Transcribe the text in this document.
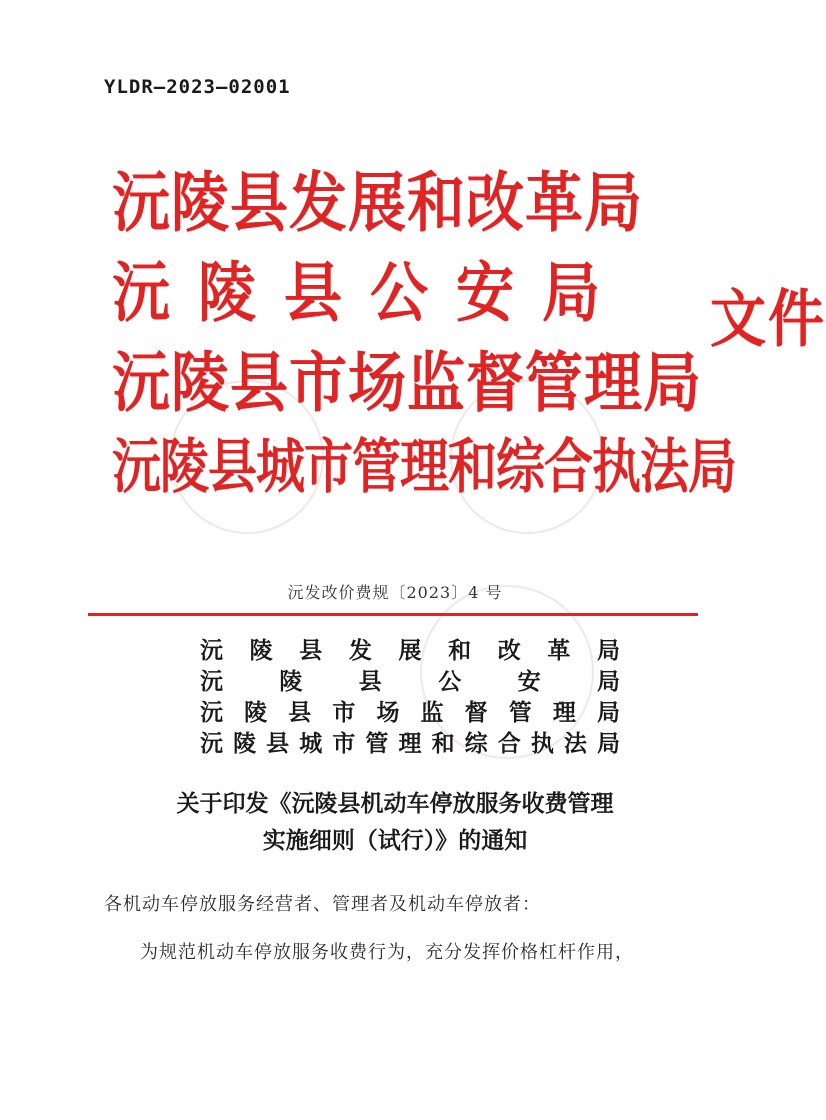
YLDR—2023—02001
沅陵县发展和改革局
沅陵县公安局
沅陵县市场监督管理局
沅陵县城市管理和综合执法局
文件
沅发改价费规〔2023〕4 号
沅陵县发展和改革局
沅陵县公安局
沅陵县市场监督管理局
沅陵县城市管理和综合执法局
关于印发《沅陵县机动车停放服务收费管理
实施细则（试行）》的通知
各机动车停放服务经营者、管理者及机动车停放者：
为规范机动车停放服务收费行为，充分发挥价格杠杆作用，
